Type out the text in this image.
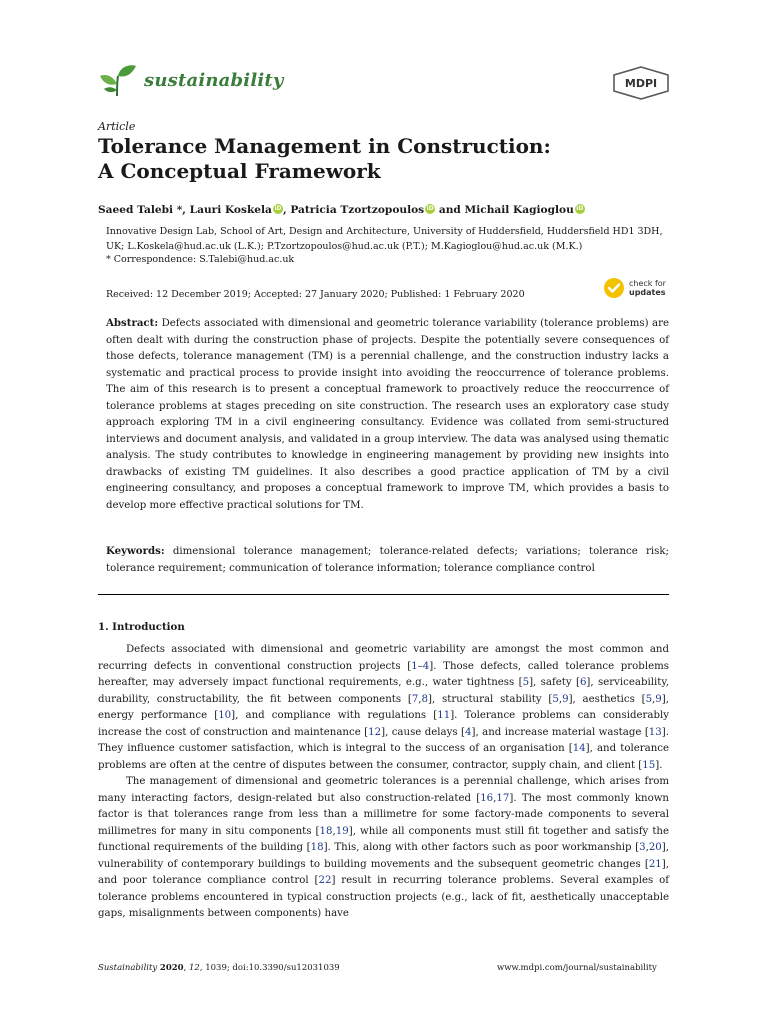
sustainability	MDPI
Article
Tolerance Management in Construction:
A Conceptual Framework
Saeed Talebi *, Lauri Koskela iD , Patricia Tzortzopoulos iD and Michail KagioglouiD
Innovative Design Lab, School of Art, Design and Architecture, University of Huddersfield, Huddersfield HD1 3DH, UK; L.Koskela@hud.ac.uk (L.K.); P.Tzortzopoulos@hud.ac.uk (P.T.); M.Kagioglou@hud.ac.uk (M.K.)
* Correspondence: S.Talebi@hud.ac.uk
Received: 12 December 2019; Accepted: 27 January 2020; Published: 1 February 2020
check for
updates
Abstract: Defects associated with dimensional and geometric tolerance variability (tolerance problems) are often dealt with during the construction phase of projects. Despite the potentially severe consequences of those defects, tolerance management (TM) is a perennial challenge, and the construction industry lacks a systematic and practical process to provide insight into avoiding the reoccurrence of tolerance problems. The aim of this research is to present a conceptual framework to proactively reduce the reoccurrence of tolerance problems at stages preceding on site construction. The research uses an exploratory case study approach exploring TM in a civil engineering consultancy. Evidence was collated from semi-structured interviews and document analysis, and validated in a group interview. The data was analysed using thematic analysis. The study contributes to knowledge in engineering management by providing new insights into drawbacks of existing TM guidelines. It also describes a good practice application of TM by a civil engineering consultancy, and proposes a conceptual framework to improve TM, which provides a basis to develop more effective practical solutions for TM.
Keywords: dimensional tolerance management; tolerance-related defects; variations; tolerance risk; tolerance requirement; communication of tolerance information; tolerance compliance control
1. Introduction

Defects associated with dimensional and geometric variability are amongst the most common and recurring defects in conventional construction projects [1–4]. Those defects, called tolerance problems hereafter, may adversely impact functional requirements, e.g., water tightness [5], safety [6], serviceability, durability, constructability, the fit between components [7,8], structural stability [5,9], aesthetics [5,9], energy performance [10], and compliance with regulations [11]. Tolerance problems can considerably increase the cost of construction and maintenance [12], cause delays [4], and increase material wastage [13]. They influence customer satisfaction, which is integral to the success of an organisation [14], and tolerance problems are often at the centre of disputes between the consumer, contractor, supply chain, and client [15].

The management of dimensional and geometric tolerances is a perennial challenge, which arises from many interacting factors, design-related but also construction-related [16,17]. The most commonly known factor is that tolerances range from less than a millimetre for some factory-made components to several millimetres for many in situ components [18,19], while all components must still fit together and satisfy the functional requirements of the building [18]. This, along with other factors such as poor workmanship [3,20], vulnerability of contemporary buildings to building movements and the subsequent geometric changes [21], and poor tolerance compliance control [22] result in recurring tolerance problems. Several examples of tolerance problems encountered in typical construction projects (e.g., lack of fit, aesthetically unacceptable gaps, misalignments between components) have

Sustainability 2020, 12, 1039; doi:10.3390/su12031039	www.mdpi.com/journal/sustainability
